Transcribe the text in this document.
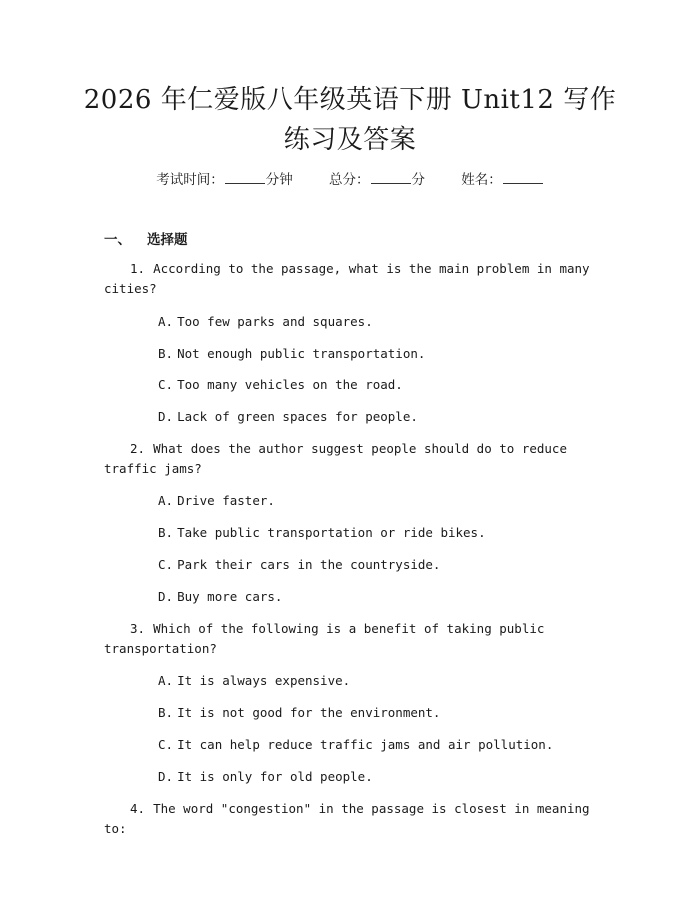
2026 年仁爱版八年级英语下册 Unit12 写作
练习及答案
考试时间：	分钟	总分：	分	姓名：
一、 选择题
1. According to the passage, what is the main problem in many cities?
A. Too few parks and squares.
B. Not enough public transportation.
C. Too many vehicles on the road.
D. Lack of green spaces for people.
2. What does the author suggest people should do to reduce traffic jams?
A. Drive faster.
B. Take public transportation or ride bikes.
C. Park their cars in the countryside.
D. Buy more cars.
3. Which of the following is a benefit of taking public transportation?
A. It is always expensive.
B. It is not good for the environment.
C. It can help reduce traffic jams and air pollution.
D. It is only for old people.
4. The word "congestion" in the passage is closest in meaning to:
